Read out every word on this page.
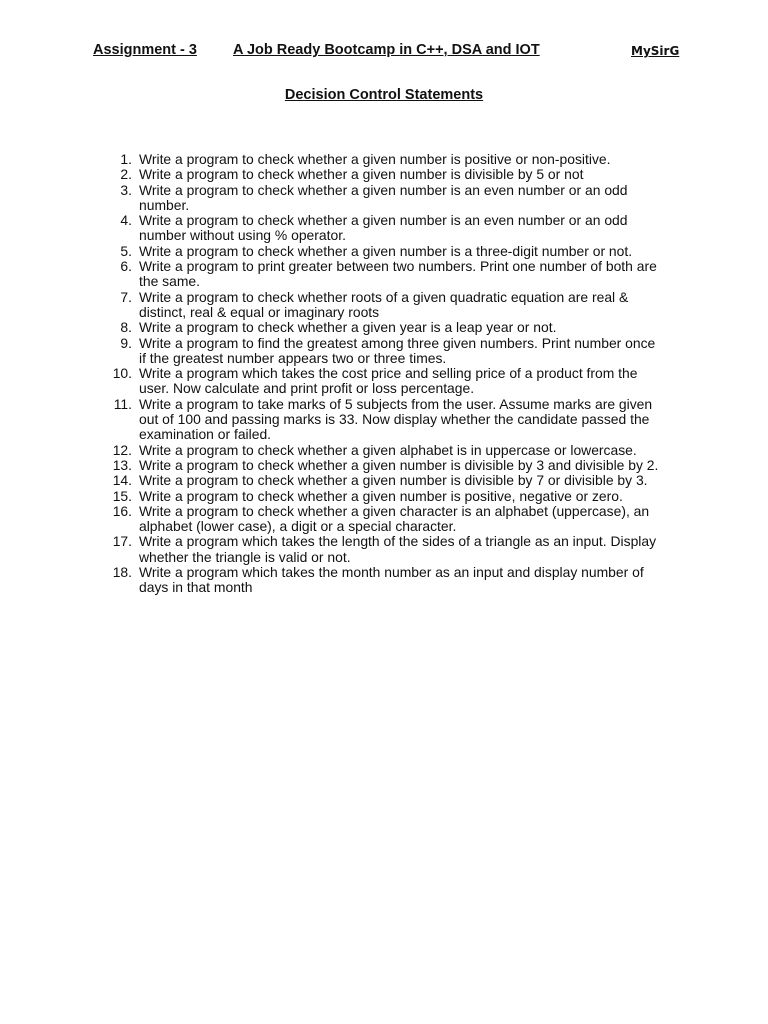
Assignment - 3 A Job Ready Bootcamp in C++, DSA and IOT	MySirG
Decision Control Statements
1. Write a program to check whether a given number is positive or non-positive.
2. Write a program to check whether a given number is divisible by 5 or not
3. Write a program to check whether a given number is an even number or an odd
number.
4. Write a program to check whether a given number is an even number or an odd
number without using % operator.
5. Write a program to check whether a given number is a three-digit number or not.
6. Write a program to print greater between two numbers. Print one number of both are
the same.
7. Write a program to check whether roots of a given quadratic equation are real &
distinct, real & equal or imaginary roots
8. Write a program to check whether a given year is a leap year or not.
9. Write a program to find the greatest among three given numbers. Print number once
if the greatest number appears two or three times.
10. Write a program which takes the cost price and selling price of a product from the
user. Now calculate and print profit or loss percentage.
11. Write a program to take marks of 5 subjects from the user. Assume marks are given
out of 100 and passing marks is 33. Now display whether the candidate passed the
examination or failed.
12. Write a program to check whether a given alphabet is in uppercase or lowercase.
13. Write a program to check whether a given number is divisible by 3 and divisible by 2.
14. Write a program to check whether a given number is divisible by 7 or divisible by 3.
15. Write a program to check whether a given number is positive, negative or zero.
16. Write a program to check whether a given character is an alphabet (uppercase), an
alphabet (lower case), a digit or a special character.
17. Write a program which takes the length of the sides of a triangle as an input. Display
whether the triangle is valid or not.
18. Write a program which takes the month number as an input and display number of
days in that month
